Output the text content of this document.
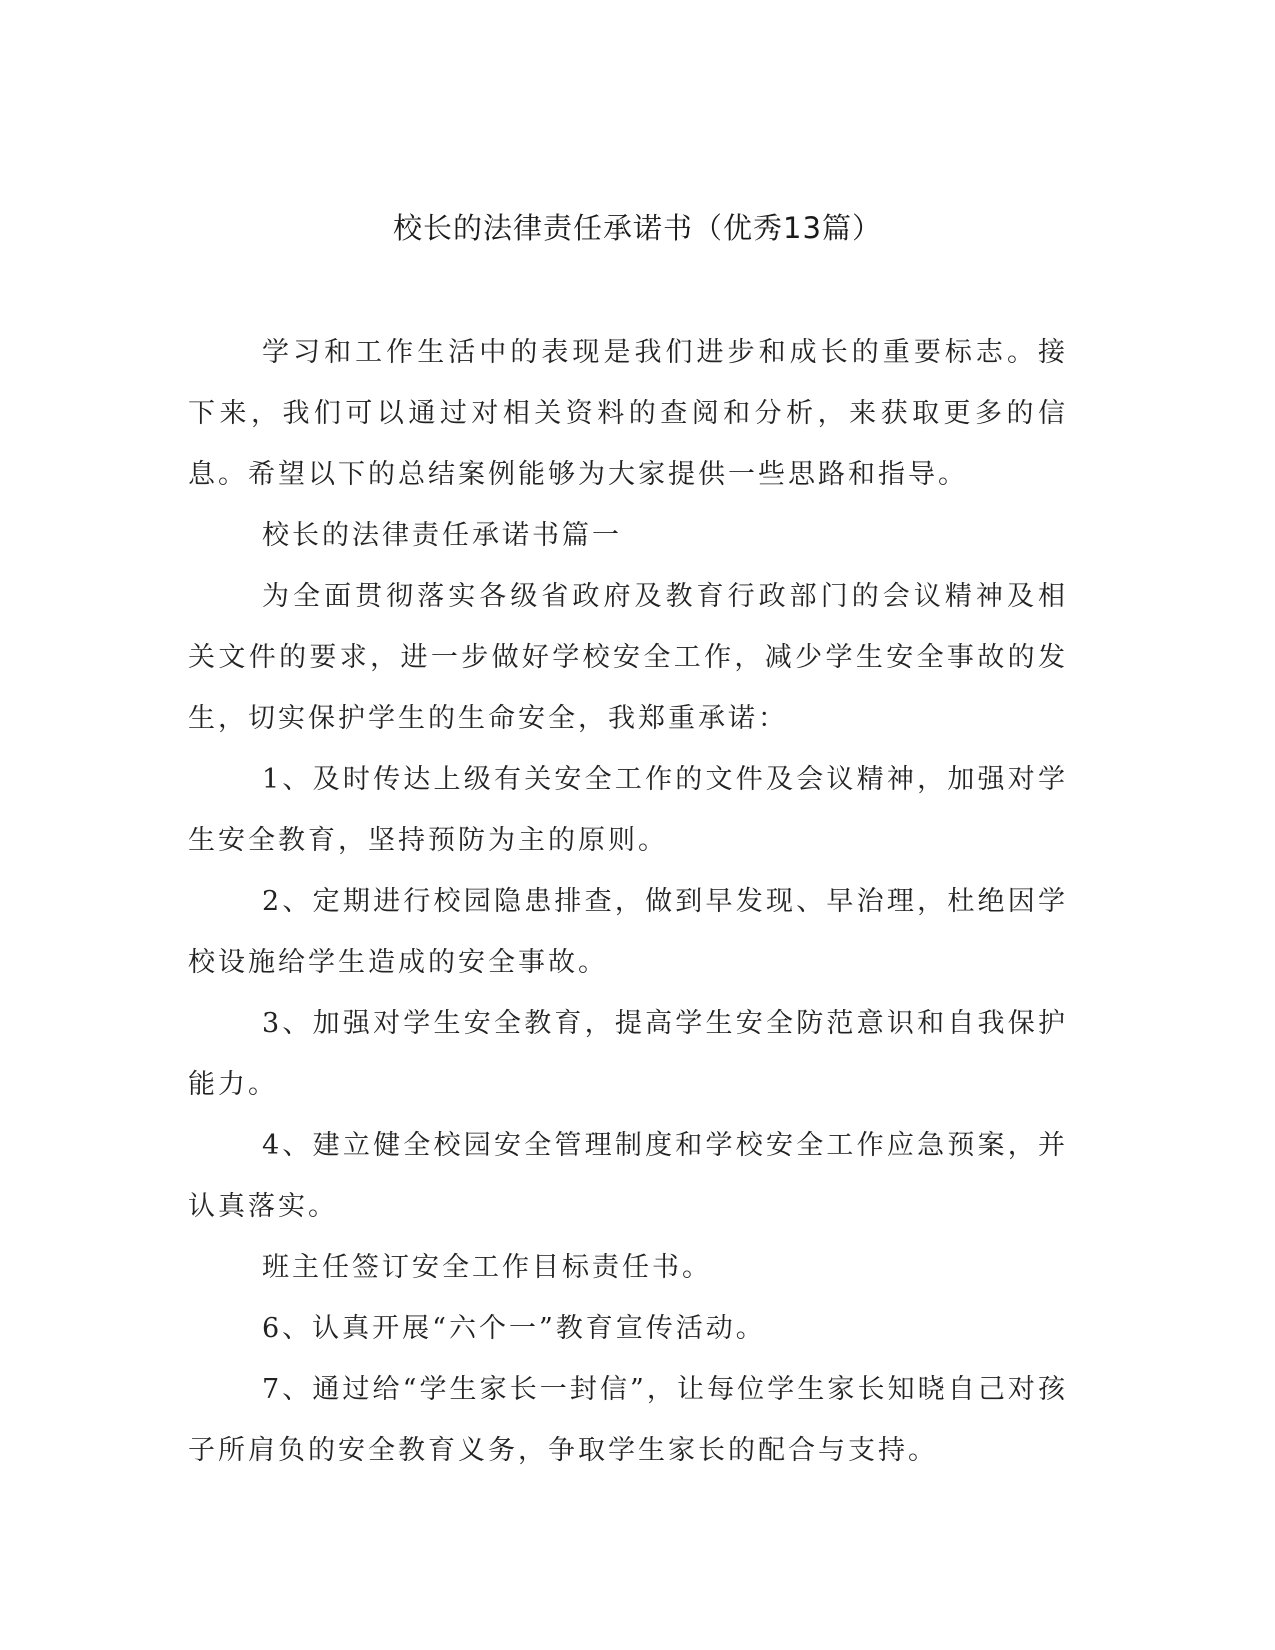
校长的法律责任承诺书（优秀13篇）

学习和工作生活中的表现是我们进步和成长的重要标志。接下来，我们可以通过对相关资料的查阅和分析，来获取更多的信息。希望以下的总结案例能够为大家提供一些思路和指导。

校长的法律责任承诺书篇一

为全面贯彻落实各级省政府及教育行政部门的会议精神及相关文件的要求，进一步做好学校安全工作，减少学生安全事故的发生，切实保护学生的生命安全，我郑重承诺：

1、及时传达上级有关安全工作的文件及会议精神，加强对学生安全教育，坚持预防为主的原则。

2、定期进行校园隐患排查，做到早发现、早治理，杜绝因学校设施给学生造成的安全事故。

3、加强对学生安全教育，提高学生安全防范意识和自我保护能力。

4、建立健全校园安全管理制度和学校安全工作应急预案，并认真落实。

班主任签订安全工作目标责任书。

6、认真开展“六个一”教育宣传活动。

7、通过给“学生家长一封信”，让每位学生家长知晓自己对孩子所肩负的安全教育义务，争取学生家长的配合与支持。
